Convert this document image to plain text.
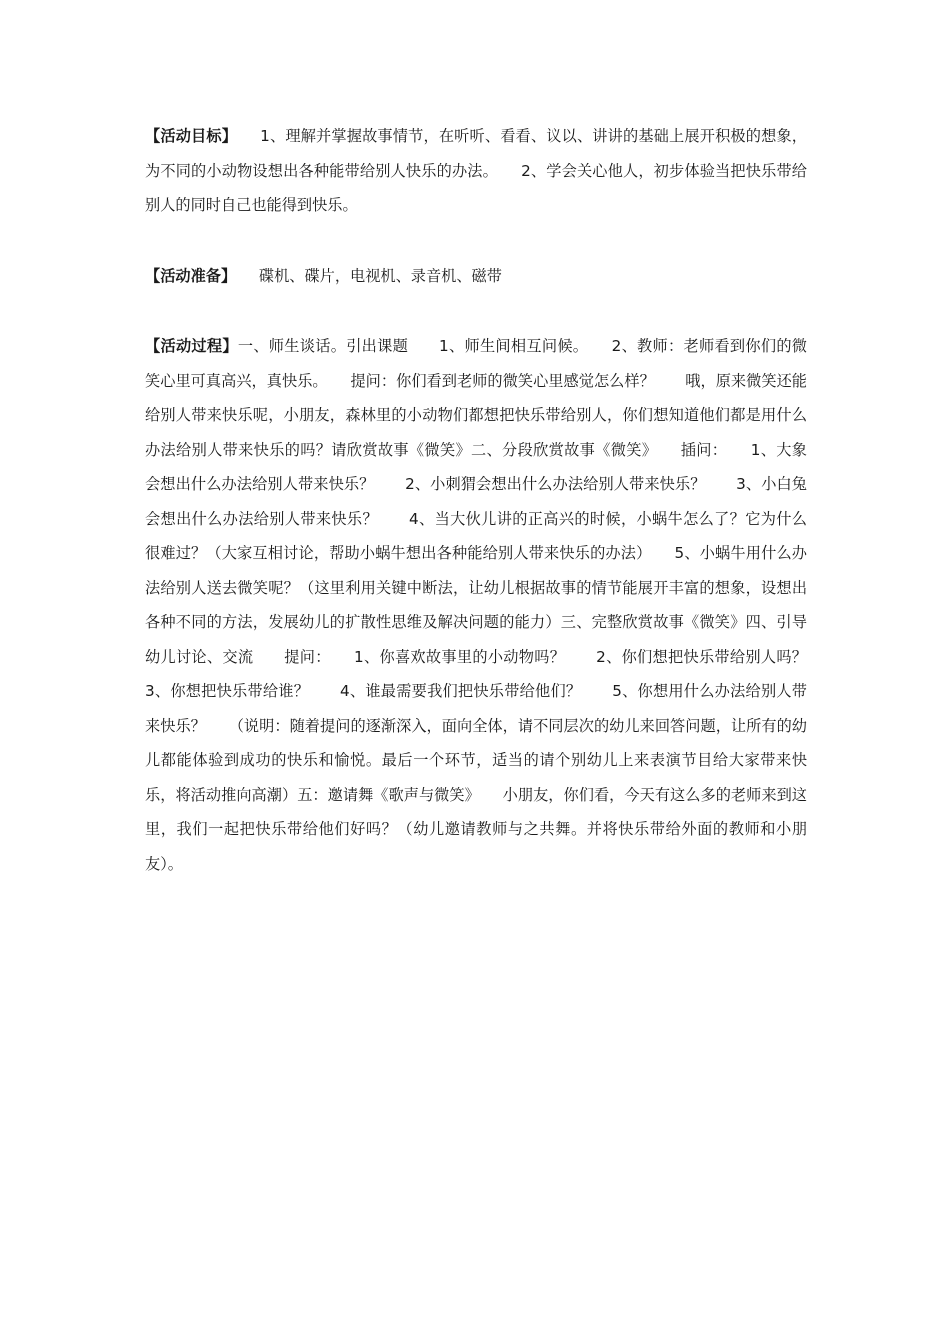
【活动目标】　　1、理解并掌握故事情节，在听听、看看、议以、讲讲的基础上展开积极的想象，为不同的小动物设想出各种能带给别人快乐的办法。　　2、学会关心他人，初步体验当把快乐带给别人的同时自己也能得到快乐。
【活动准备】　　碟机、碟片，电视机、录音机、磁带
【活动过程】一、师生谈话。引出课题　　1、师生间相互问候。　　2、教师：老师看到你们的微笑心里可真高兴，真快乐。　　提问：你们看到老师的微笑心里感觉怎么样？　　哦，原来微笑还能给别人带来快乐呢，小朋友，森林里的小动物们都想把快乐带给别人，你们想知道他们都是用什么办法给别人带来快乐的吗？请欣赏故事《微笑》二、分段欣赏故事《微笑》　　插问：　　1、大象会想出什么办法给别人带来快乐？　　2、小刺猬会想出什么办法给别人带来快乐？　　3、小白兔会想出什么办法给别人带来快乐？　　4、当大伙儿讲的正高兴的时候，小蜗牛怎么了？它为什么很难过？（大家互相讨论，帮助小蜗牛想出各种能给别人带来快乐的办法）　　5、小蜗牛用什么办法给别人送去微笑呢？（这里利用关键中断法，让幼儿根据故事的情节能展开丰富的想象，设想出各种不同的方法，发展幼儿的扩散性思维及解决问题的能力）三、完整欣赏故事《微笑》四、引导幼儿讨论、交流　　提问：　　1、你喜欢故事里的小动物吗？　　2、你们想把快乐带给别人吗？　　3、你想把快乐带给谁？　　4、谁最需要我们把快乐带给他们？　　5、你想用什么办法给别人带来快乐？　　（说明：随着提问的逐渐深入，面向全体，请不同层次的幼儿来回答问题，让所有的幼儿都能体验到成功的快乐和愉悦。最后一个环节，适当的请个别幼儿上来表演节目给大家带来快乐，将活动推向高潮）五：邀请舞《歌声与微笑》　　小朋友，你们看，今天有这么多的老师来到这里，我们一起把快乐带给他们好吗？（幼儿邀请教师与之共舞。并将快乐带给外面的教师和小朋友）。
